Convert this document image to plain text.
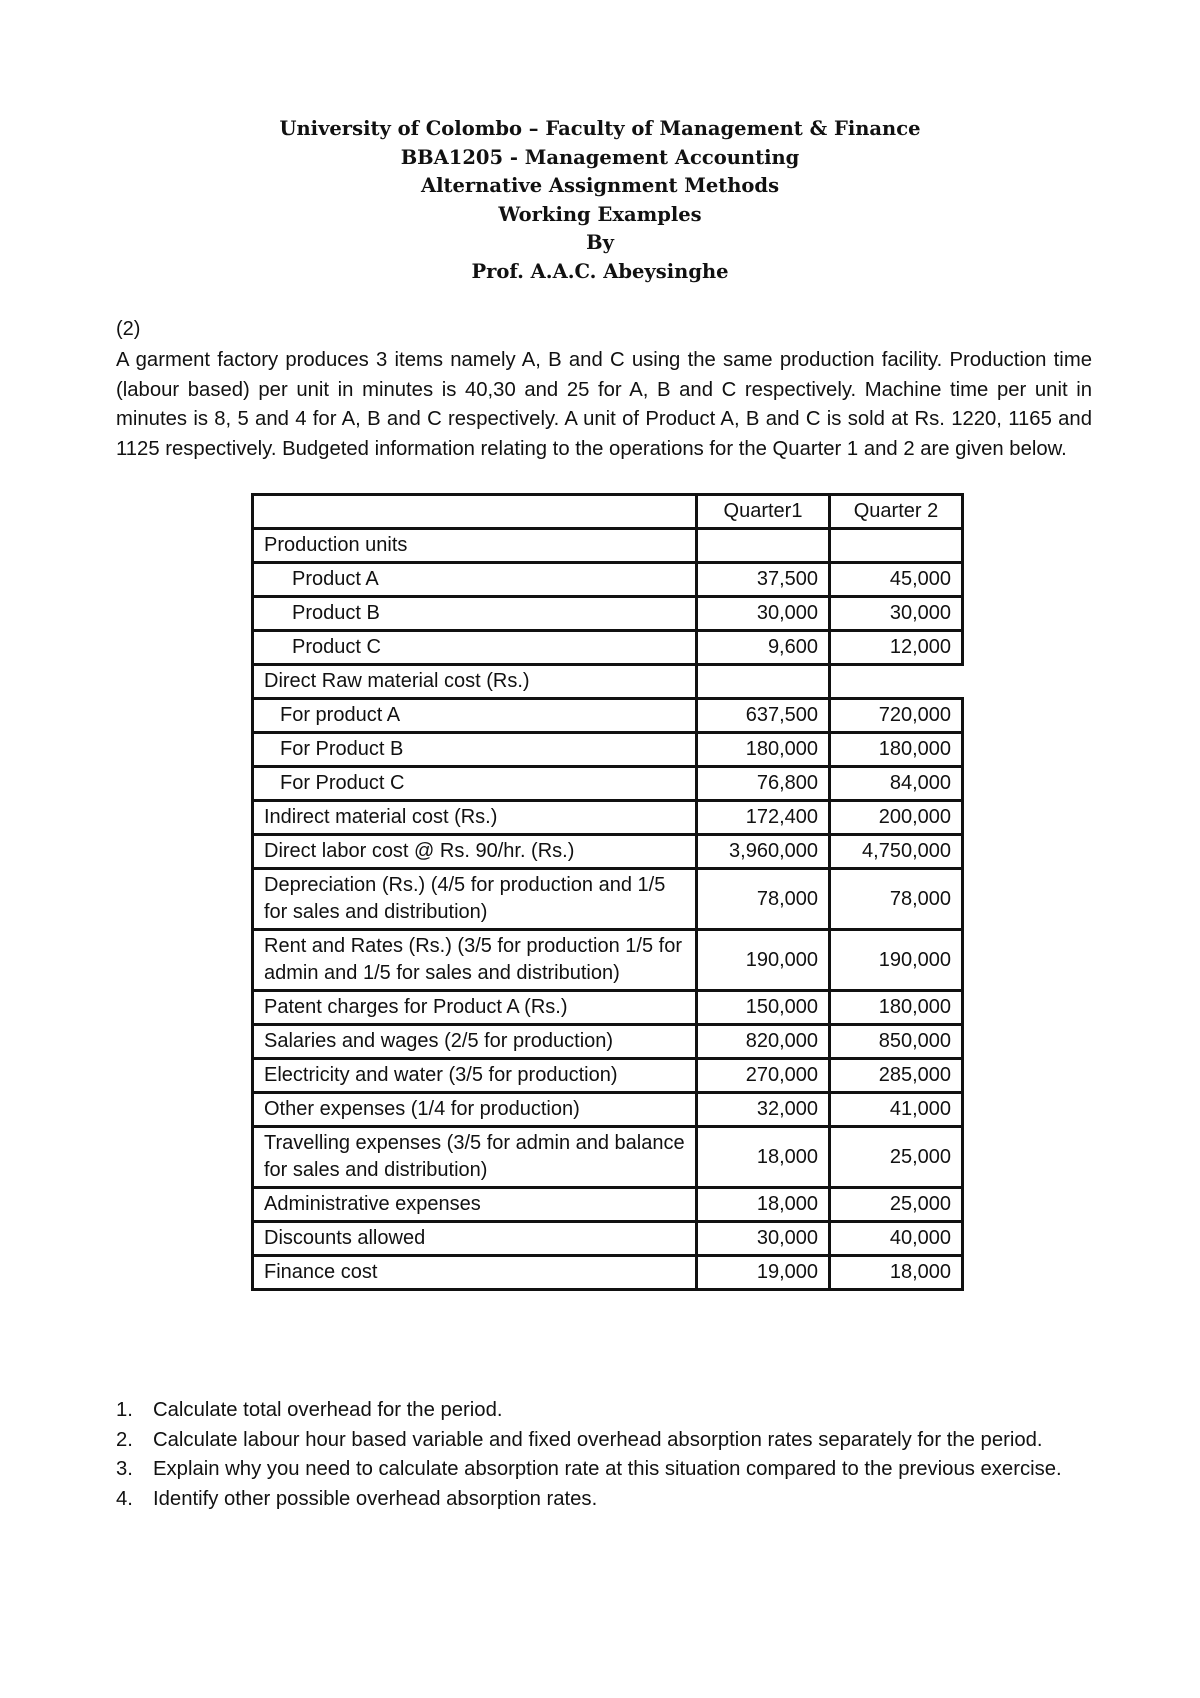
University of Colombo – Faculty of Management & Finance
BBA1205 - Management Accounting
Alternative Assignment Methods
Working Examples
By
Prof. A.A.C. Abeysinghe
(2)
A garment factory produces 3 items namely A, B and C using the same production facility. Production time (labour based) per unit in minutes is 40,30 and 25 for A, B and C respectively. Machine time per unit in minutes is 8, 5 and 4 for A, B and C respectively. A unit of Product A, B and C is sold at Rs. 1220, 1165 and 1125 respectively. Budgeted information relating to the operations for the Quarter 1 and 2 are given below.
	Quarter1	Quarter 2
Production units		
Product A	37,500	45,000
Product B	30,000	30,000
Product C	9,600	12,000
Direct Raw material cost (Rs.)		
For product A	637,500	720,000
For Product B	180,000	180,000
For Product C	76,800	84,000
Indirect material cost (Rs.)	172,400	200,000
Direct labor cost @ Rs. 90/hr. (Rs.)	3,960,000	4,750,000
Depreciation (Rs.) (4/5 for production and 1/5 for sales and distribution)	78,000	78,000
Rent and Rates (Rs.) (3/5 for production 1/5 for admin and 1/5 for sales and distribution)	190,000	190,000
Patent charges for Product A (Rs.)	150,000	180,000
Salaries and wages (2/5 for production)	820,000	850,000
Electricity and water (3/5 for production)	270,000	285,000
Other expenses (1/4 for production)	32,000	41,000
Travelling expenses (3/5 for admin and balance for sales and distribution)	18,000	25,000
Administrative expenses	18,000	25,000
Discounts allowed	30,000	40,000
Finance cost	19,000	18,000
1. Calculate total overhead for the period.
2. Calculate labour hour based variable and fixed overhead absorption rates separately for the period.
3. Explain why you need to calculate absorption rate at this situation compared to the previous exercise.
4. Identify other possible overhead absorption rates.
